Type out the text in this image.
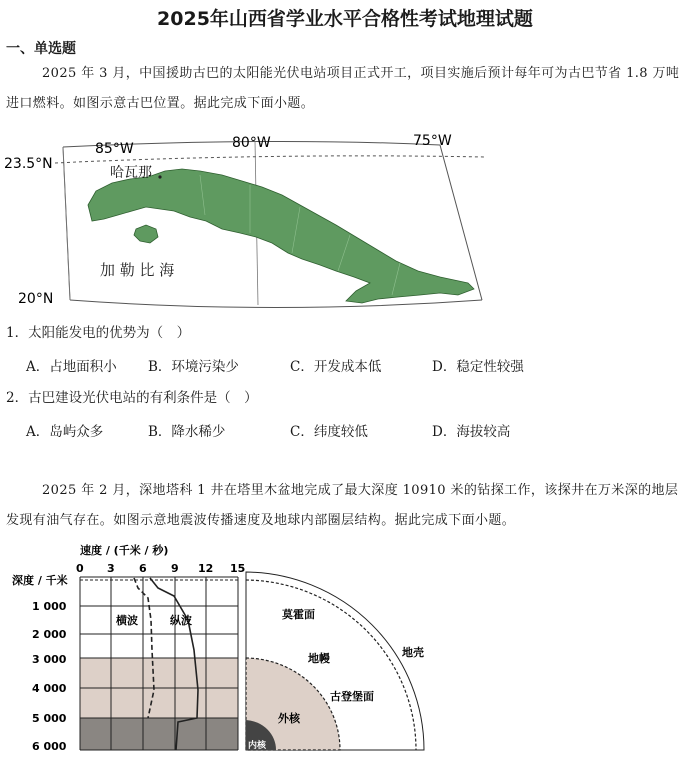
2025年山西省学业水平合格性考试地理试题
一、单选题
2025 年 3 月，中国援助古巴的太阳能光伏电站项目正式开工，项目实施后预计每年可为古巴节省 1.8 万吨进口燃料。如图示意古巴位置。据此完成下面小题。
85°W	80°W	75°W
23.5°N
20°N
哈瓦那
加 勒 比 海
1．太阳能发电的优势为（　）
A．占地面积小 B．环境污染少	C．开发成本低	D．稳定性较强
2．古巴建设光伏电站的有利条件是（　）
A．岛屿众多	B．降水稀少	C．纬度较低	D．海拔较高
2025 年 2 月，深地塔科 1 井在塔里木盆地完成了最大深度 10910 米的钻探工作，该探井在万米深的地层发现有油气存在。如图示意地震波传播速度及地球内部圈层结构。据此完成下面小题。
速度 / (千米 / 秒)
0 3 6 9 12 15
深度 / 千米
1 000
2 000
3 000
4 000
5 000
6 000
横波	纵波	莫霍面
地壳
地幔
古登堡面
外核
内核
